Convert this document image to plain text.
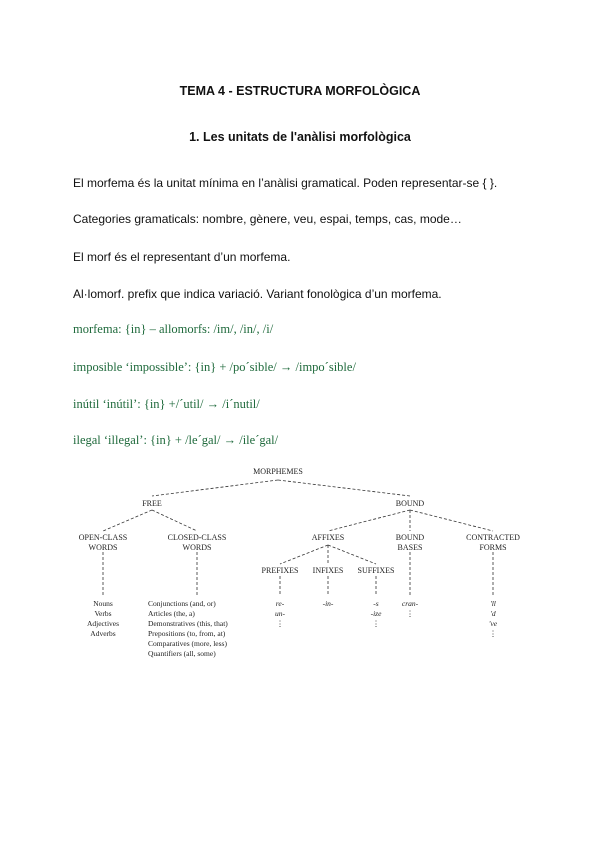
TEMA 4 - ESTRUCTURA MORFOLÒGICA
1. Les unitats de l'anàlisi morfològica
El morfema és la unitat mínima en l’anàlisi gramatical. Poden representar-se { }.
Categories gramaticals: nombre, gènere, veu, espai, temps, cas, mode…
El morf és el representant d’un morfema.
Al·lomorf. prefix que indica variació. Variant fonològica d’un morfema.
morfema: {in} – allomorfs: /im/, /in/, /i/
imposible ‘impossible’: {in} + /po´sible/ → /impo´sible/
inútil ‘inútil’: {in} +/´util/ → /i´nutil/
ilegal ‘illegal’: {in} + /le´gal/ → /ile´gal/
MORPHEMES
FREE	BOUND
OPEN-CLASS
WORDS
CLOSED-CLASS
WORDS
AFFIXES	BOUND
BASES
CONTRACTED
FORMS
PREFIXES INFIXES SUFFIXES
Nouns
Verbs
Adjectives
Adverbs
Conjunctions (and, or)
Articles (the, a)
Demonstratives (this, that)
Prepositions (to, from, at)
Comparatives (more, less)
Quantifiers (all, some)
re-
un-
⋮
-in-	-s
-ize
⋮
cran-
⋮
'll
'd
've
⋮
